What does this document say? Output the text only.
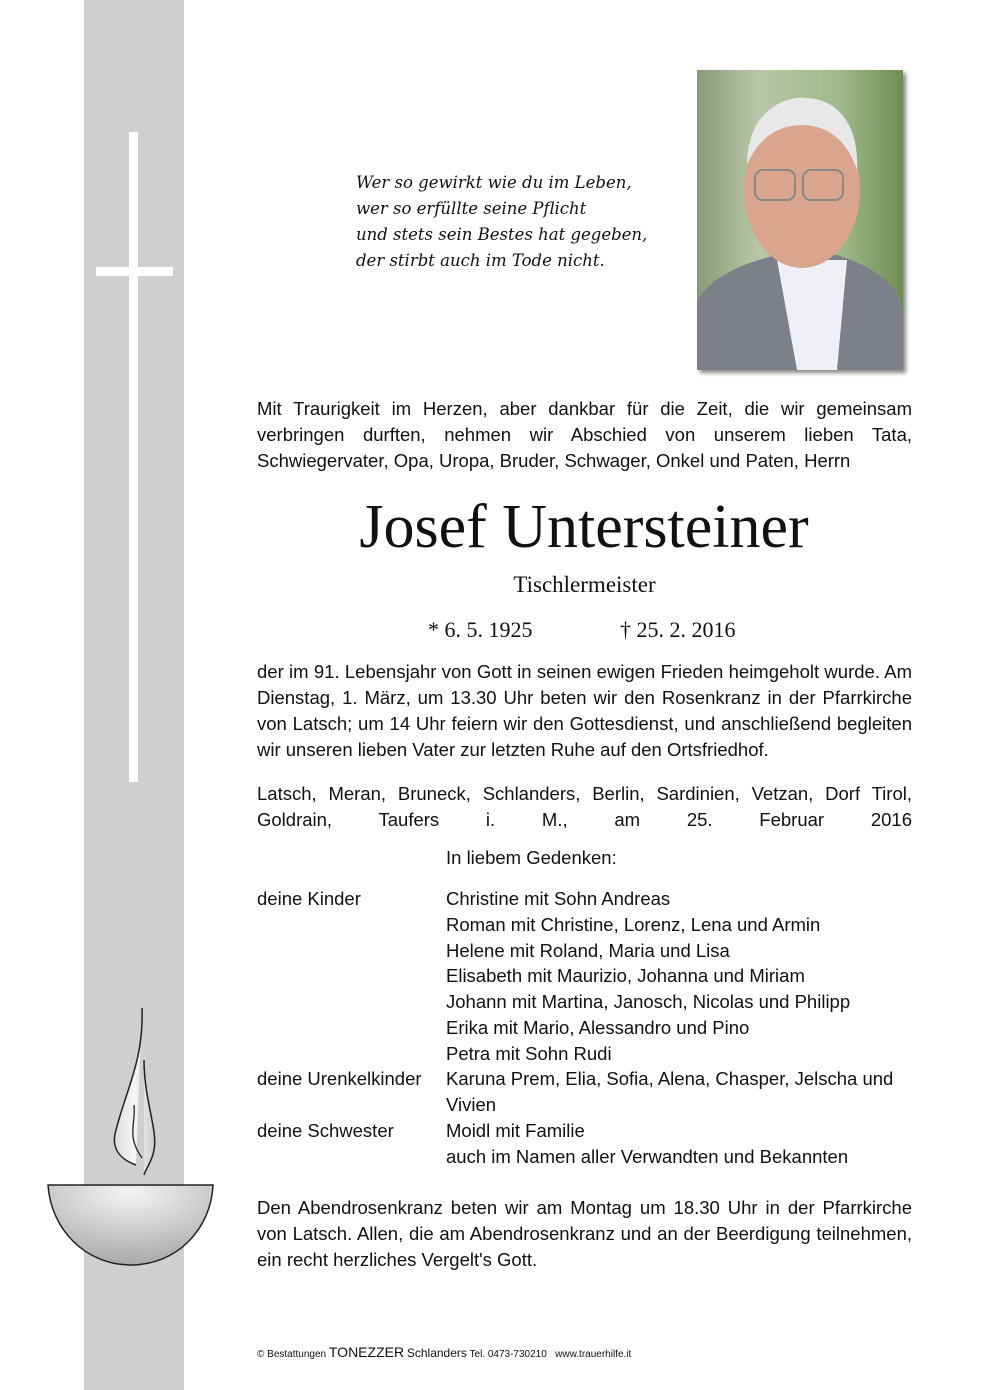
Wer so gewirkt wie du im Leben,
wer so erfüllte seine Pflicht
und stets sein Bestes hat gegeben,
der stirbt auch im Tode nicht.
Mit Traurigkeit im Herzen, aber dankbar für die Zeit, die wir gemeinsam verbringen durften, nehmen wir Abschied von unserem lieben Tata, Schwiegervater, Opa, Uropa, Bruder, Schwager, Onkel und Paten, Herrn
Josef Untersteiner
Tischlermeister
* 6. 5. 1925	† 25. 2. 2016
der im 91. Lebensjahr von Gott in seinen ewigen Frieden heimgeholt wurde. Am Dienstag, 1. März, um 13.30 Uhr beten wir den Rosenkranz in der Pfarrkirche von Latsch; um 14 Uhr feiern wir den Gottesdienst, und anschließend begleiten wir unseren lieben Vater zur letzten Ruhe auf den Ortsfriedhof.
Latsch, Meran, Bruneck, Schlanders, Berlin, Sardinien, Vetzan, Dorf Tirol, Goldrain, Taufers i. M., am 25. Februar 2016
In liebem Gedenken:
deine Kinder	Christine mit Sohn Andreas
Roman mit Christine, Lorenz, Lena und Armin
Helene mit Roland, Maria und Lisa
Elisabeth mit Maurizio, Johanna und Miriam
Johann mit Martina, Janosch, Nicolas und Philipp
Erika mit Mario, Alessandro und Pino
Petra mit Sohn Rudi
deine Urenkelkinder	Karuna Prem, Elia, Sofia, Alena, Chasper, Jelscha und
Vivien
deine Schwester	Moidl mit Familie
auch im Namen aller Verwandten und Bekannten
Den Abendrosenkranz beten wir am Montag um 18.30 Uhr in der Pfarrkirche von Latsch. Allen, die am Abendrosenkranz und an der Beerdigung teilnehmen, ein recht herzliches Vergelt's Gott.
© Bestattungen TONEZZER Schlanders Tel. 0473-730210 www.trauerhilfe.it
